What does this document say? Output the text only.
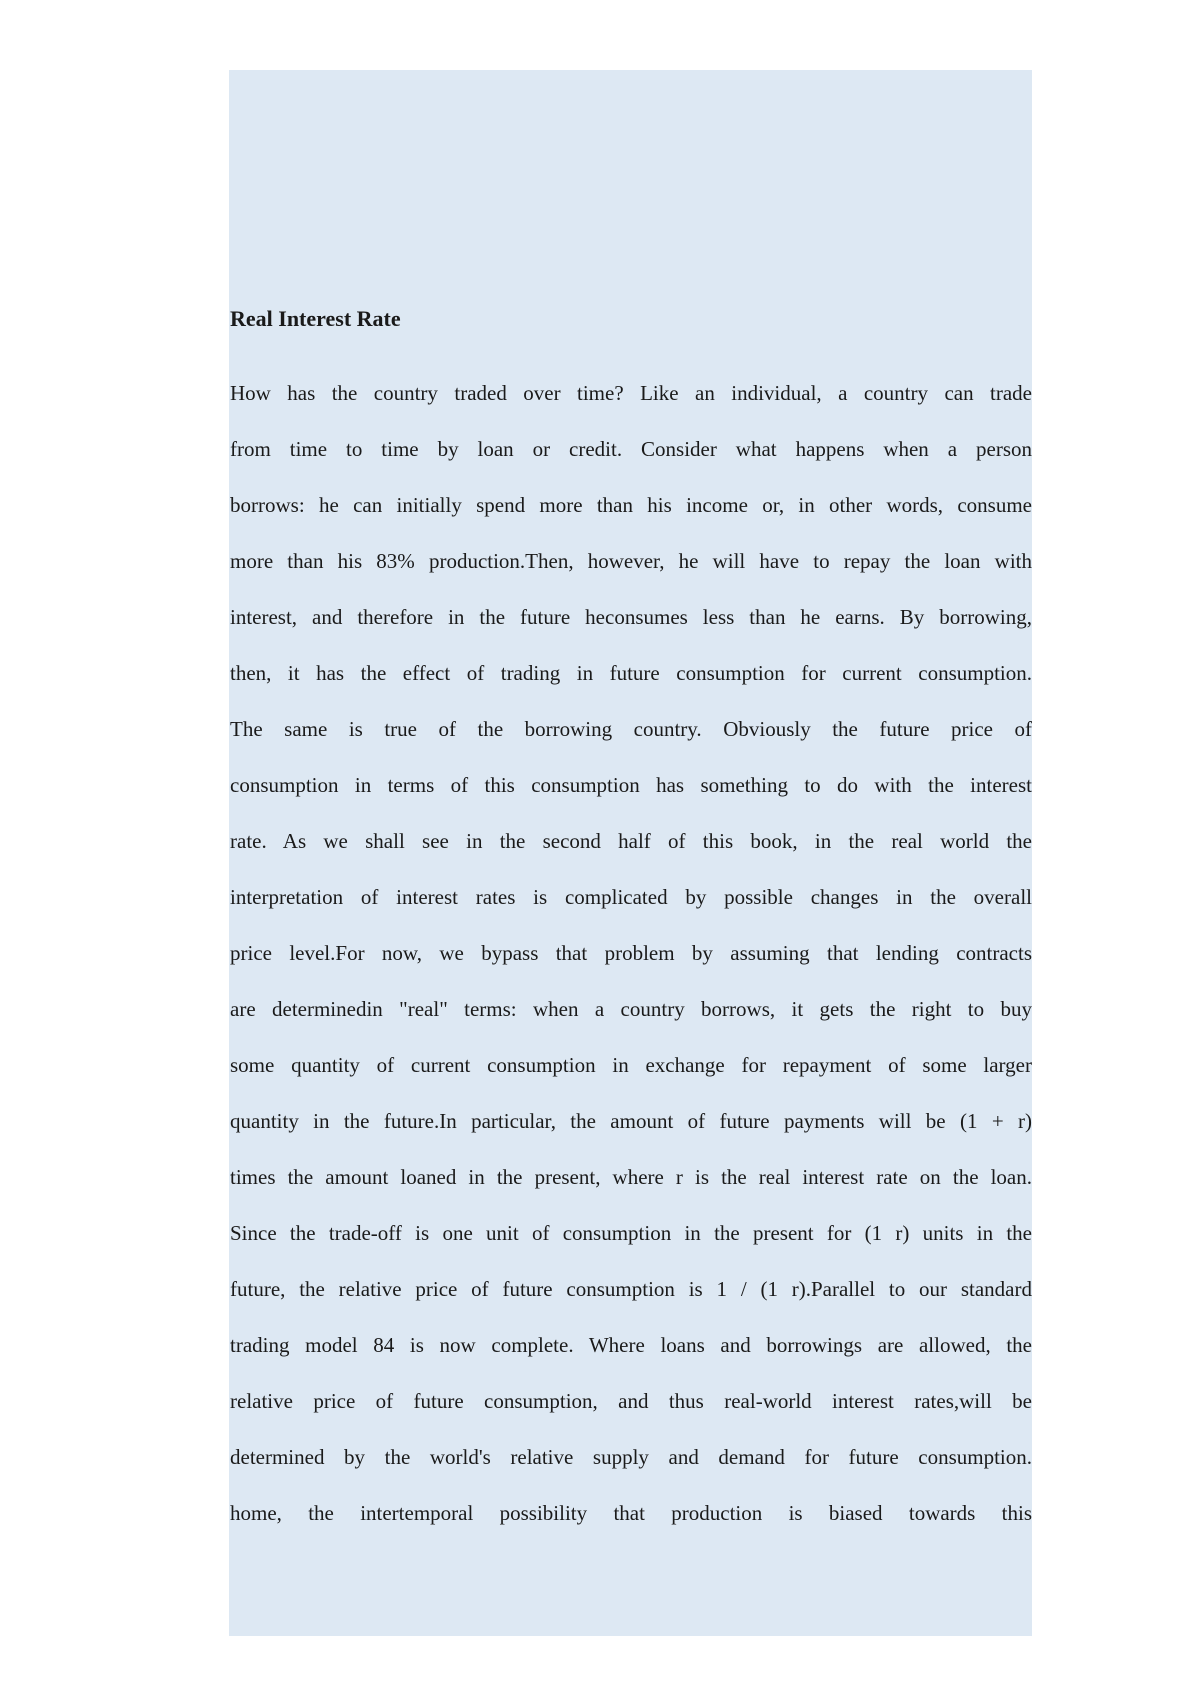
Real Interest Rate
How has the country traded over time? Like an individual, a country can trade
from time to time by loan or credit. Consider what happens when a person
borrows: he can initially spend more than his income or, in other words, consume
more than his 83% production.Then, however, he will have to repay the loan with
interest, and therefore in the future heconsumes less than he earns. By borrowing,
then, it has the effect of trading in future consumption for current consumption.
The same is true of the borrowing country. Obviously the future price of
consumption in terms of this consumption has something to do with the interest
rate. As we shall see in the second half of this book, in the real world the
interpretation of interest rates is complicated by possible changes in the overall
price level.For now, we bypass that problem by assuming that lending contracts
are determinedin "real" terms: when a country borrows, it gets the right to buy
some quantity of current consumption in exchange for repayment of some larger
quantity in the future.In particular, the amount of future payments will be (1 + r)
times the amount loaned in the present, where r is the real interest rate on the loan.
Since the trade-off is one unit of consumption in the present for (1 r) units in the
future, the relative price of future consumption is 1 / (1 r).Parallel to our standard
trading model 84 is now complete. Where loans and borrowings are allowed, the
relative price of future consumption, and thus real-world interest rates,will be
determined by the world's relative supply and demand for future consumption.
home, the intertemporal possibility that production is biased towards this
